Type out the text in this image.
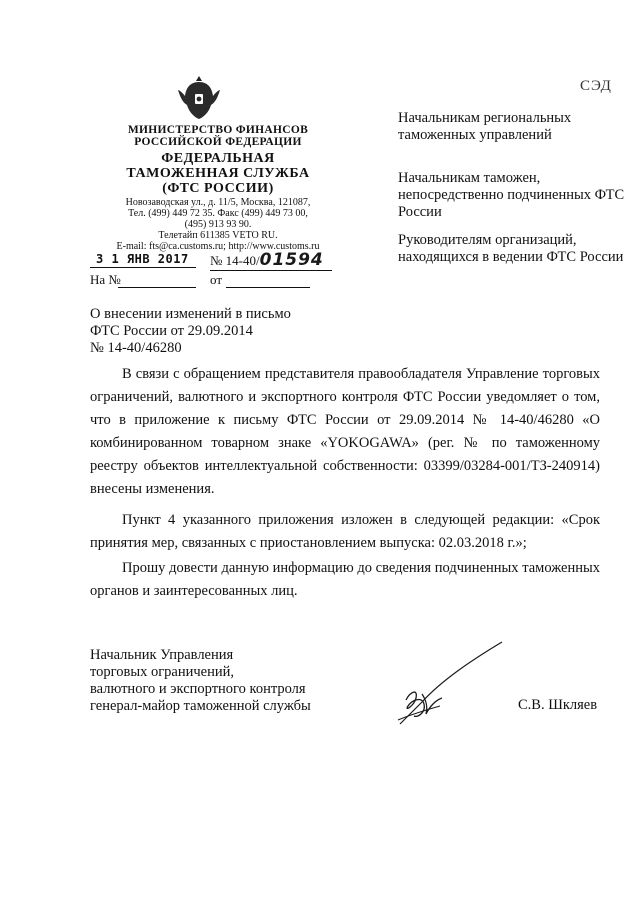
СЭД
МИНИСТЕРСТВО ФИНАНСОВ
РОССИЙСКОЙ ФЕДЕРАЦИИ
ФЕДЕРАЛЬНАЯ
ТАМОЖЕННАЯ СЛУЖБА
(ФТС РОССИИ)
Новозаводская ул., д. 11/5, Москва, 121087,
Тел. (499) 449 72 35. Факс (499) 449 73 00,
(495) 913 93 90.
Телетайп 611385 VETO RU.
E-mail: fts@ca.customs.ru; http://www.customs.ru
3 1 ЯНВ 2017	№ 14-40/01594
На №	от
Начальникам региональных таможенных управлений
Начальникам таможен, непосредственно подчиненных ФТС России
Руководителям организаций, находящихся в ведении ФТС России
О внесении изменений в письмо
ФТС России от 29.09.2014
№ 14-40/46280
В связи с обращением представителя правообладателя Управление торговых ограничений, валютного и экспортного контроля ФТС России уведомляет о том, что в приложение к письму ФТС России от 29.09.2014 № 14-40/46280 «О комбинированном товарном знаке «YOKOGAWA» (рег. № по таможенному реестру объектов интеллектуальной собственности: 03399/03284-001/ТЗ-240914) внесены изменения.
Пункт 4 указанного приложения изложен в следующей редакции: «Срок принятия мер, связанных с приостановлением выпуска: 02.03.2018 г.»;
Прошу довести данную информацию до сведения подчиненных таможенных органов и заинтересованных лиц.
Начальник Управления
торговых ограничений,
валютного и экспортного контроля
генерал-майор таможенной службы	С.В. Шкляев
